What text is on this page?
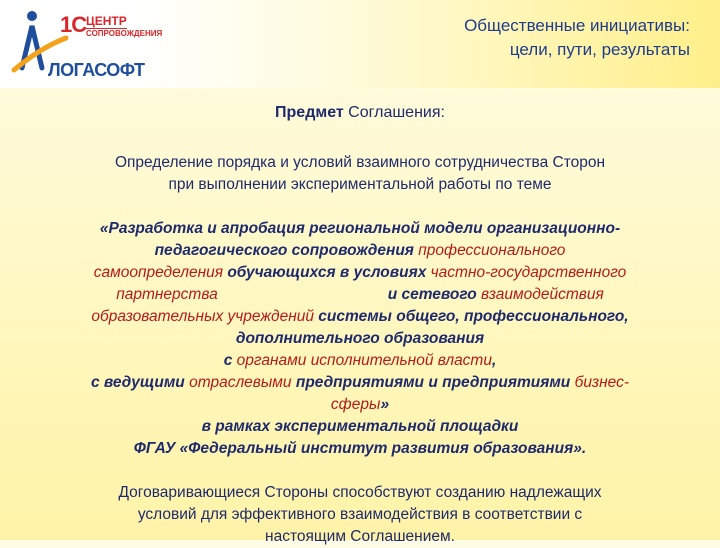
1С ЦЕНТР
СОПРОВОЖДЕНИЯ
ЛОГАСОФТ
Общественные инициативы:
цели, пути, результаты
Предмет Соглашения:
Определение порядка и условий взаимного сотрудничества Сторон
при выполнении экспериментальной работы по теме
«Разработка и апробация региональной модели организационно-
педагогического сопровождения профессионального
самоопределения обучающихся в условиях частно-государственного
партнерства	и сетевого взаимодействия
образовательных учреждений системы общего, профессионального,
дополнительного образования
с органами исполнительной власти,
с ведущими отраслевыми предприятиями и предприятиями бизнес-
сферы»
в рамках экспериментальной площадки
ФГАУ «Федеральный институт развития образования».
Договаривающиеся Стороны способствуют созданию надлежащих
условий для эффективного взаимодействия в соответствии с
настоящим Соглашением.
